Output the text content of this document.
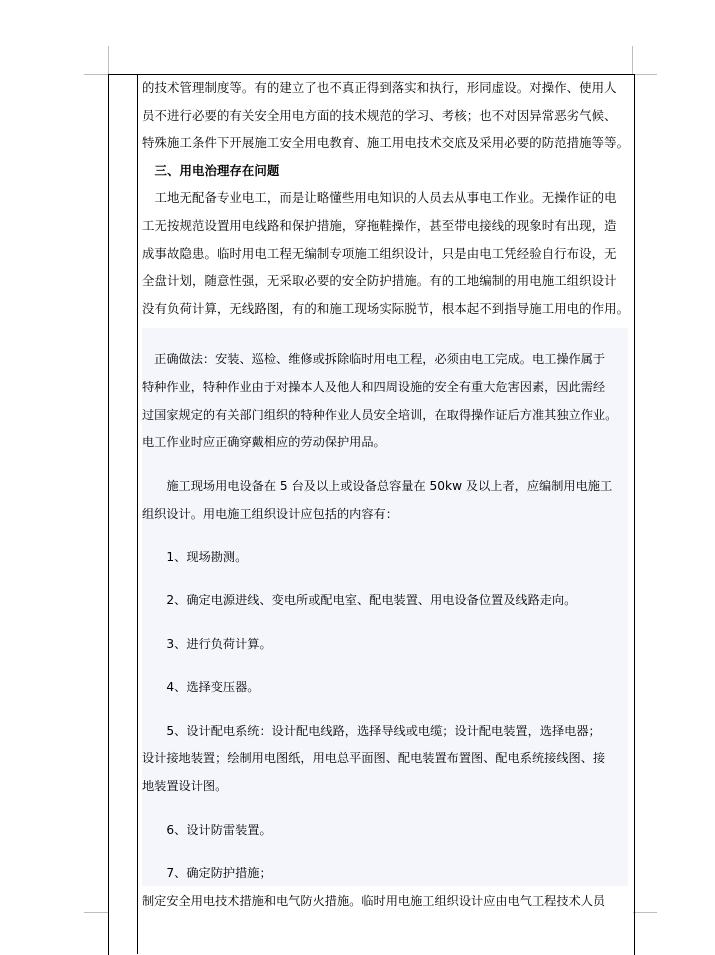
的技术管理制度等。有的建立了也不真正得到落实和执行，形同虚设。对操作、使用人
员不进行必要的有关安全用电方面的技术规范的学习、考核；也不对因异常恶劣气候、
特殊施工条件下开展施工安全用电教育、施工用电技术交底及采用必要的防范措施等等。
　三、用电治理存在问题
　工地无配备专业电工，而是让略懂些用电知识的人员去从事电工作业。无操作证的电
工无按规范设置用电线路和保护措施，穿拖鞋操作，甚至带电接线的现象时有出现，造
成事故隐患。临时用电工程无编制专项施工组织设计，只是由电工凭经验自行布设，无
全盘计划，随意性强，无采取必要的安全防护措施。有的工地编制的用电施工组织设计
没有负荷计算，无线路图，有的和施工现场实际脱节，根本起不到指导施工用电的作用。
　正确做法：安装、巡检、维修或拆除临时用电工程，必须由电工完成。电工操作属于
特种作业，特种作业由于对操本人及他人和四周设施的安全有重大危害因素，因此需经
过国家规定的有关部门组织的特种作业人员安全培训，在取得操作证后方准其独立作业。
电工作业时应正确穿戴相应的劳动保护用品。
　　施工现场用电设备在 5 台及以上或设备总容量在 50kw 及以上者，应编制用电施工
组织设计。用电施工组织设计应包括的内容有：
　　1、现场勘测。
　　2、确定电源进线、变电所或配电室、配电装置、用电设备位置及线路走向。
　　3、进行负荷计算。
　　4、选择变压器。
　　5、设计配电系统：设计配电线路，选择导线或电缆；设计配电装置，选择电器；
设计接地装置；绘制用电图纸，用电总平面图、配电装置布置图、配电系统接线图、接
地装置设计图。
　　6、设计防雷装置。
　　7、确定防护措施；
制定安全用电技术措施和电气防火措施。临时用电施工组织设计应由电气工程技术人员
